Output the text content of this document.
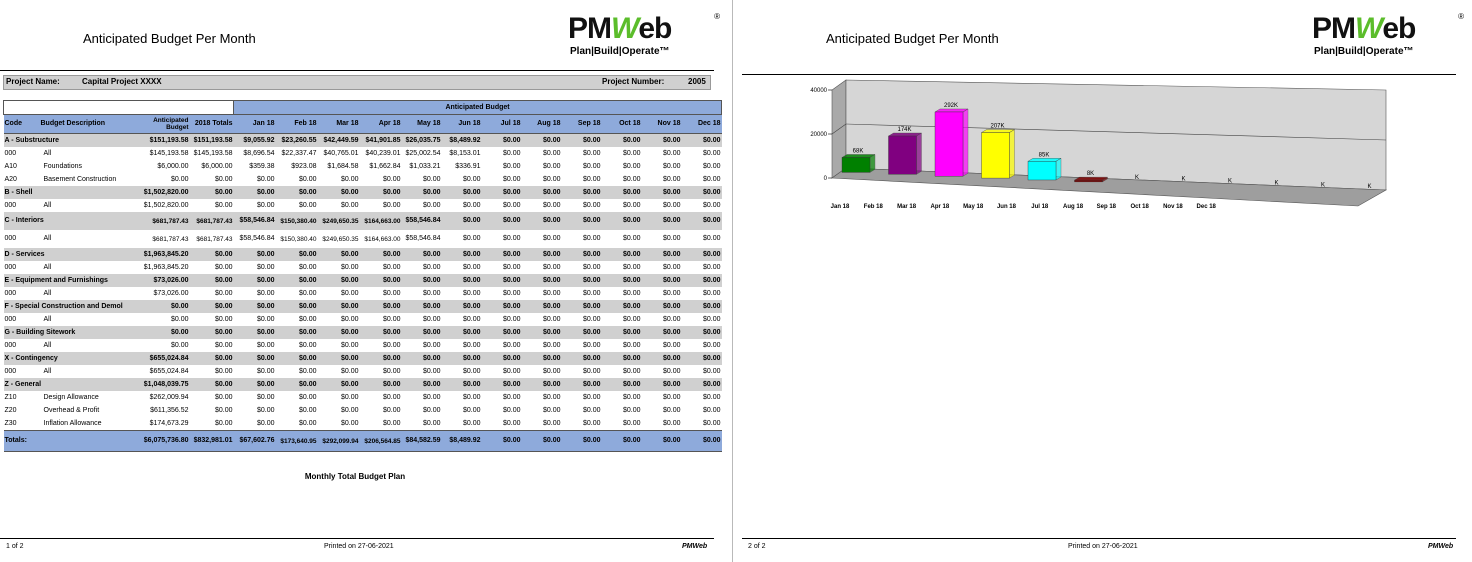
Anticipated Budget Per Month	PMWeb	®
Plan|Build|Operate™
Project Name:	Capital Project XXXX	Project Number:	2005
				Anticipated Budget											
Code	Budget Description	Anticipated Budget	2018 Totals	Jan 18	Feb 18	Mar 18	Apr 18	May 18	Jun 18	Jul 18	Aug 18	Sep 18	Oct 18	Nov 18	Dec 18
A - Substructure		$151,193.58	$151,193.58	$9,055.92	$23,260.55	$42,449.59	$41,901.85	$26,035.75	$8,489.92	$0.00	$0.00	$0.00	$0.00	$0.00	$0.00
000	All	$145,193.58	$145,193.58	$8,696.54	$22,337.47	$40,765.01	$40,239.01	$25,002.54	$8,153.01	$0.00	$0.00	$0.00	$0.00	$0.00	$0.00
A10	Foundations	$6,000.00	$6,000.00	$359.38	$923.08	$1,684.58	$1,662.84	$1,033.21	$336.91	$0.00	$0.00	$0.00	$0.00	$0.00	$0.00
A20	Basement Construction	$0.00	$0.00	$0.00	$0.00	$0.00	$0.00	$0.00	$0.00	$0.00	$0.00	$0.00	$0.00	$0.00	$0.00
B - Shell		$1,502,820.00	$0.00	$0.00	$0.00	$0.00	$0.00	$0.00	$0.00	$0.00	$0.00	$0.00	$0.00	$0.00	$0.00
000	All	$1,502,820.00	$0.00	$0.00	$0.00	$0.00	$0.00	$0.00	$0.00	$0.00	$0.00	$0.00	$0.00	$0.00	$0.00
C - Interiors		$681,787.43	$681,787.43	$58,546.84	$150,380.40	$249,650.35	$164,663.00	$58,546.84	$0.00	$0.00	$0.00	$0.00	$0.00	$0.00	$0.00
000	All	$681,787.43	$681,787.43	$58,546.84	$150,380.40	$249,650.35	$164,663.00	$58,546.84	$0.00	$0.00	$0.00	$0.00	$0.00	$0.00	$0.00
D - Services		$1,963,845.20	$0.00	$0.00	$0.00	$0.00	$0.00	$0.00	$0.00	$0.00	$0.00	$0.00	$0.00	$0.00	$0.00
000	All	$1,963,845.20	$0.00	$0.00	$0.00	$0.00	$0.00	$0.00	$0.00	$0.00	$0.00	$0.00	$0.00	$0.00	$0.00
E - Equipment and Furnishings		$73,026.00	$0.00	$0.00	$0.00	$0.00	$0.00	$0.00	$0.00	$0.00	$0.00	$0.00	$0.00	$0.00	$0.00
000	All	$73,026.00	$0.00	$0.00	$0.00	$0.00	$0.00	$0.00	$0.00	$0.00	$0.00	$0.00	$0.00	$0.00	$0.00
F - Special Construction and Demol		$0.00	$0.00	$0.00	$0.00	$0.00	$0.00	$0.00	$0.00	$0.00	$0.00	$0.00	$0.00	$0.00	$0.00
000	All	$0.00	$0.00	$0.00	$0.00	$0.00	$0.00	$0.00	$0.00	$0.00	$0.00	$0.00	$0.00	$0.00	$0.00
G - Building Sitework		$0.00	$0.00	$0.00	$0.00	$0.00	$0.00	$0.00	$0.00	$0.00	$0.00	$0.00	$0.00	$0.00	$0.00
000	All	$0.00	$0.00	$0.00	$0.00	$0.00	$0.00	$0.00	$0.00	$0.00	$0.00	$0.00	$0.00	$0.00	$0.00
X - Contingency		$655,024.84	$0.00	$0.00	$0.00	$0.00	$0.00	$0.00	$0.00	$0.00	$0.00	$0.00	$0.00	$0.00	$0.00
000	All	$655,024.84	$0.00	$0.00	$0.00	$0.00	$0.00	$0.00	$0.00	$0.00	$0.00	$0.00	$0.00	$0.00	$0.00
Z - General		$1,048,039.75	$0.00	$0.00	$0.00	$0.00	$0.00	$0.00	$0.00	$0.00	$0.00	$0.00	$0.00	$0.00	$0.00
Z10	Design Allowance	$262,009.94	$0.00	$0.00	$0.00	$0.00	$0.00	$0.00	$0.00	$0.00	$0.00	$0.00	$0.00	$0.00	$0.00
Z20	Overhead & Profit	$611,356.52	$0.00	$0.00	$0.00	$0.00	$0.00	$0.00	$0.00	$0.00	$0.00	$0.00	$0.00	$0.00	$0.00
Z30	Inflation Allowance	$174,673.29	$0.00	$0.00	$0.00	$0.00	$0.00	$0.00	$0.00	$0.00	$0.00	$0.00	$0.00	$0.00	$0.00
Totals:		$6,075,736.80	$832,981.01	$67,602.76	$173,640.95	$292,099.94	$206,564.85	$84,582.59	$8,489.92	$0.00	$0.00	$0.00	$0.00	$0.00	$0.00
Monthly Total Budget Plan
1 of 2	Printed on 27-06-2021	PMWeb
Anticipated Budget Per Month	PMWeb	®
Plan|Build|Operate™
40000
20000
0
68K
Jan 18
174K
Feb 18
292K
Mar 18
207K
Apr 18
85K
May 18
8K
Jun 18
K
Jul 18
K
Aug 18
K
Sep 18
K
Oct 18
K
Nov 18
K
Dec 18
2 of 2	Printed on 27-06-2021	PMWeb
